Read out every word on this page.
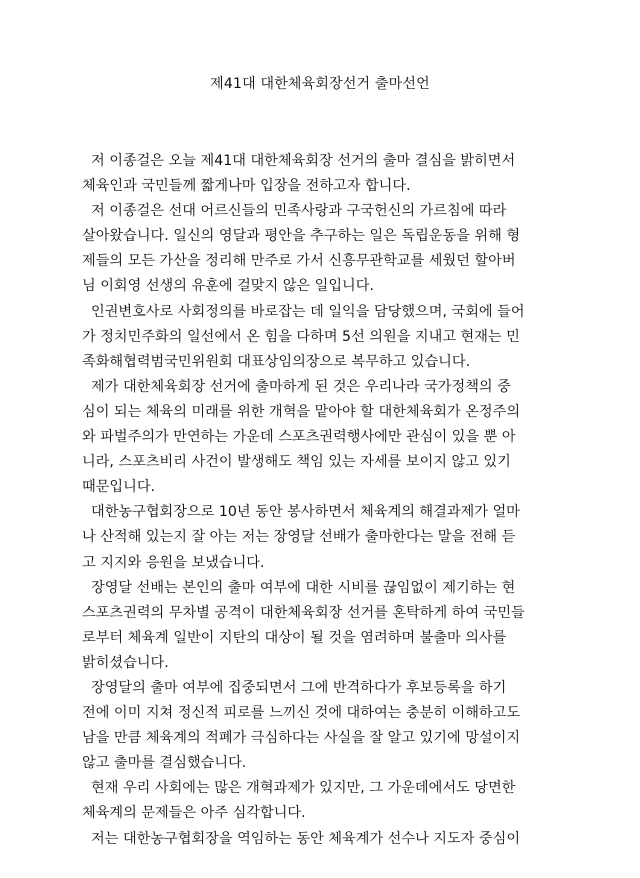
제41대 대한체육회장선거 출마선언
저 이종걸은 오늘 제41대 대한체육회장 선거의 출마 결심을 밝히면서
체육인과 국민들께 짧게나마 입장을 전하고자 합니다.
저 이종걸은 선대 어르신들의 민족사랑과 구국헌신의 가르침에 따라
살아왔습니다. 일신의 영달과 평안을 추구하는 일은 독립운동을 위해 형
제들의 모든 가산을 정리해 만주로 가서 신흥무관학교를 세웠던 할아버
님 이회영 선생의 유훈에 걸맞지 않은 일입니다.
인권변호사로 사회정의를 바로잡는 데 일익을 담당했으며, 국회에 들어
가 정치민주화의 일선에서 온 힘을 다하며 5선 의원을 지내고 현재는 민
족화해협력범국민위원회 대표상임의장으로 복무하고 있습니다.
제가 대한체육회장 선거에 출마하게 된 것은 우리나라 국가정책의 중
심이 되는 체육의 미래를 위한 개혁을 맡아야 할 대한체육회가 온정주의
와 파벌주의가 만연하는 가운데 스포츠권력행사에만 관심이 있을 뿐 아
니라, 스포츠비리 사건이 발생해도 책임 있는 자세를 보이지 않고 있기
때문입니다.
대한농구협회장으로 10년 동안 봉사하면서 체육계의 해결과제가 얼마
나 산적해 있는지 잘 아는 저는 장영달 선배가 출마한다는 말을 전해 듣
고 지지와 응원을 보냈습니다.
장영달 선배는 본인의 출마 여부에 대한 시비를 끊임없이 제기하는 현
스포츠권력의 무차별 공격이 대한체육회장 선거를 혼탁하게 하여 국민들
로부터 체육계 일반이 지탄의 대상이 될 것을 염려하며 불출마 의사를
밝히셨습니다.
장영달의 출마 여부에 집중되면서 그에 반격하다가 후보등록을 하기
전에 이미 지쳐 정신적 피로를 느끼신 것에 대하여는 충분히 이해하고도
남을 만큼 체육계의 적폐가 극심하다는 사실을 잘 알고 있기에 망설이지
않고 출마를 결심했습니다.
현재 우리 사회에는 많은 개혁과제가 있지만, 그 가운데에서도 당면한
체육계의 문제들은 아주 심각합니다.
저는 대한농구협회장을 역임하는 동안 체육계가 선수나 지도자 중심이
